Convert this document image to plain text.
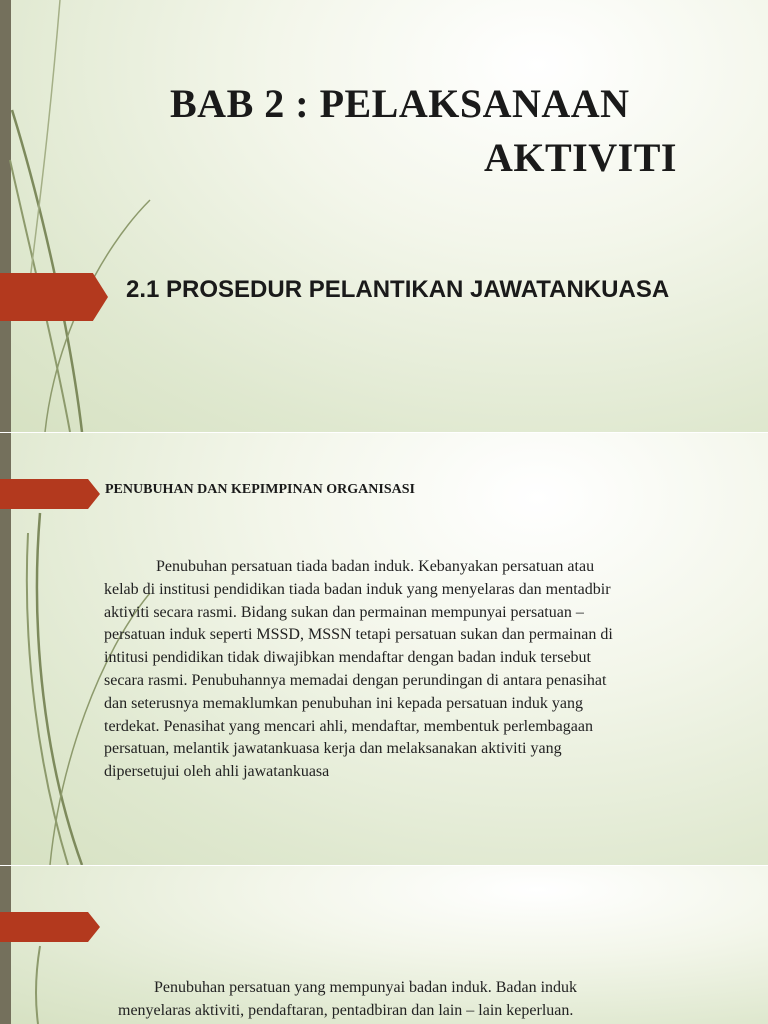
BAB 2 : PELAKSANAAN
AKTIVITI
2.1 PROSEDUR PELANTIKAN JAWATANKUASA
PENUBUHAN DAN KEPIMPINAN ORGANISASI
Penubuhan persatuan tiada badan induk. Kebanyakan persatuan atau
kelab di institusi pendidikan tiada badan induk yang menyelaras dan mentadbir
aktiviti secara rasmi. Bidang sukan dan permainan mempunyai persatuan –
persatuan induk seperti MSSD, MSSN tetapi persatuan sukan dan permainan di
intitusi pendidikan tidak diwajibkan mendaftar dengan badan induk tersebut
secara rasmi. Penubuhannya memadai dengan perundingan di antara penasihat
dan seterusnya memaklumkan penubuhan ini kepada persatuan induk yang
terdekat. Penasihat yang mencari ahli, mendaftar, membentuk perlembagaan
persatuan, melantik jawatankuasa kerja dan melaksanakan aktiviti yang
dipersetujui oleh ahli jawatankuasa
Penubuhan persatuan yang mempunyai badan induk. Badan induk
menyelaras aktiviti, pendaftaran, pentadbiran dan lain – lain keperluan.
